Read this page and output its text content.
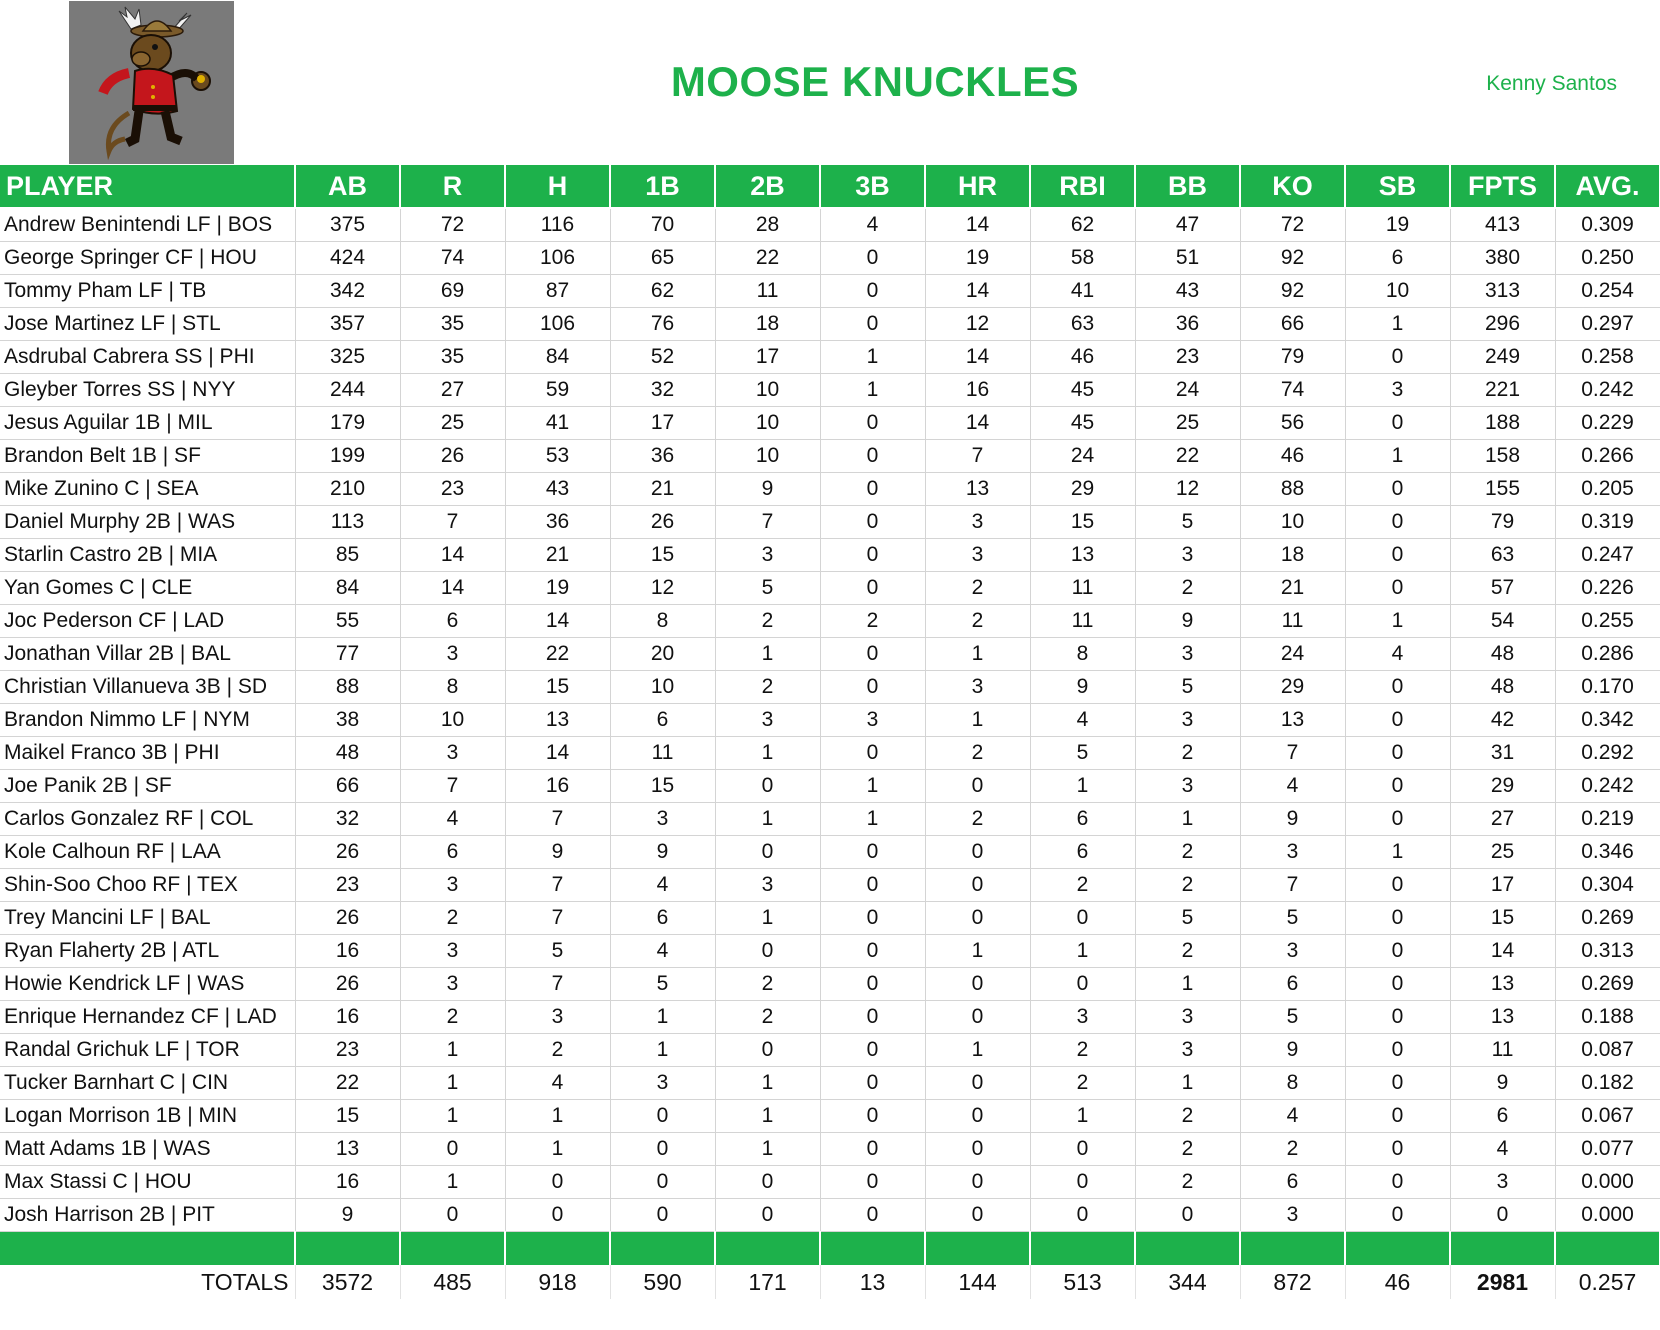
MOOSE KNUCKLES	Kenny Santos
PLAYER	AB	R	H	1B	2B	3B	HR	RBI	BB	KO	SB	FPTS	AVG.
Andrew Benintendi LF | BOS	375	72	116	70	28	4	14	62	47	72	19	413	0.309
George Springer CF | HOU	424	74	106	65	22	0	19	58	51	92	6	380	0.250
Tommy Pham LF | TB	342	69	87	62	11	0	14	41	43	92	10	313	0.254
Jose Martinez LF | STL	357	35	106	76	18	0	12	63	36	66	1	296	0.297
Asdrubal Cabrera SS | PHI	325	35	84	52	17	1	14	46	23	79	0	249	0.258
Gleyber Torres SS | NYY	244	27	59	32	10	1	16	45	24	74	3	221	0.242
Jesus Aguilar 1B | MIL	179	25	41	17	10	0	14	45	25	56	0	188	0.229
Brandon Belt 1B | SF	199	26	53	36	10	0	7	24	22	46	1	158	0.266
Mike Zunino C | SEA	210	23	43	21	9	0	13	29	12	88	0	155	0.205
Daniel Murphy 2B | WAS	113	7	36	26	7	0	3	15	5	10	0	79	0.319
Starlin Castro 2B | MIA	85	14	21	15	3	0	3	13	3	18	0	63	0.247
Yan Gomes C | CLE	84	14	19	12	5	0	2	11	2	21	0	57	0.226
Joc Pederson CF | LAD	55	6	14	8	2	2	2	11	9	11	1	54	0.255
Jonathan Villar 2B | BAL	77	3	22	20	1	0	1	8	3	24	4	48	0.286
Christian Villanueva 3B | SD	88	8	15	10	2	0	3	9	5	29	0	48	0.170
Brandon Nimmo LF | NYM	38	10	13	6	3	3	1	4	3	13	0	42	0.342
Maikel Franco 3B | PHI	48	3	14	11	1	0	2	5	2	7	0	31	0.292
Joe Panik 2B | SF	66	7	16	15	0	1	0	1	3	4	0	29	0.242
Carlos Gonzalez RF | COL	32	4	7	3	1	1	2	6	1	9	0	27	0.219
Kole Calhoun RF | LAA	26	6	9	9	0	0	0	6	2	3	1	25	0.346
Shin-Soo Choo RF | TEX	23	3	7	4	3	0	0	2	2	7	0	17	0.304
Trey Mancini LF | BAL	26	2	7	6	1	0	0	0	5	5	0	15	0.269
Ryan Flaherty 2B | ATL	16	3	5	4	0	0	1	1	2	3	0	14	0.313
Howie Kendrick LF | WAS	26	3	7	5	2	0	0	0	1	6	0	13	0.269
Enrique Hernandez CF | LAD	16	2	3	1	2	0	0	3	3	5	0	13	0.188
Randal Grichuk LF | TOR	23	1	2	1	0	0	1	2	3	9	0	11	0.087
Tucker Barnhart C | CIN	22	1	4	3	1	0	0	2	1	8	0	9	0.182
Logan Morrison 1B | MIN	15	1	1	0	1	0	0	1	2	4	0	6	0.067
Matt Adams 1B | WAS	13	0	1	0	1	0	0	0	2	2	0	4	0.077
Max Stassi C | HOU	16	1	0	0	0	0	0	0	2	6	0	3	0.000
Josh Harrison 2B | PIT	9	0	0	0	0	0	0	0	0	3	0	0	0.000

TOTALS	3572	485	918	590	171	13	144	513	344	872	46	2981	0.257
